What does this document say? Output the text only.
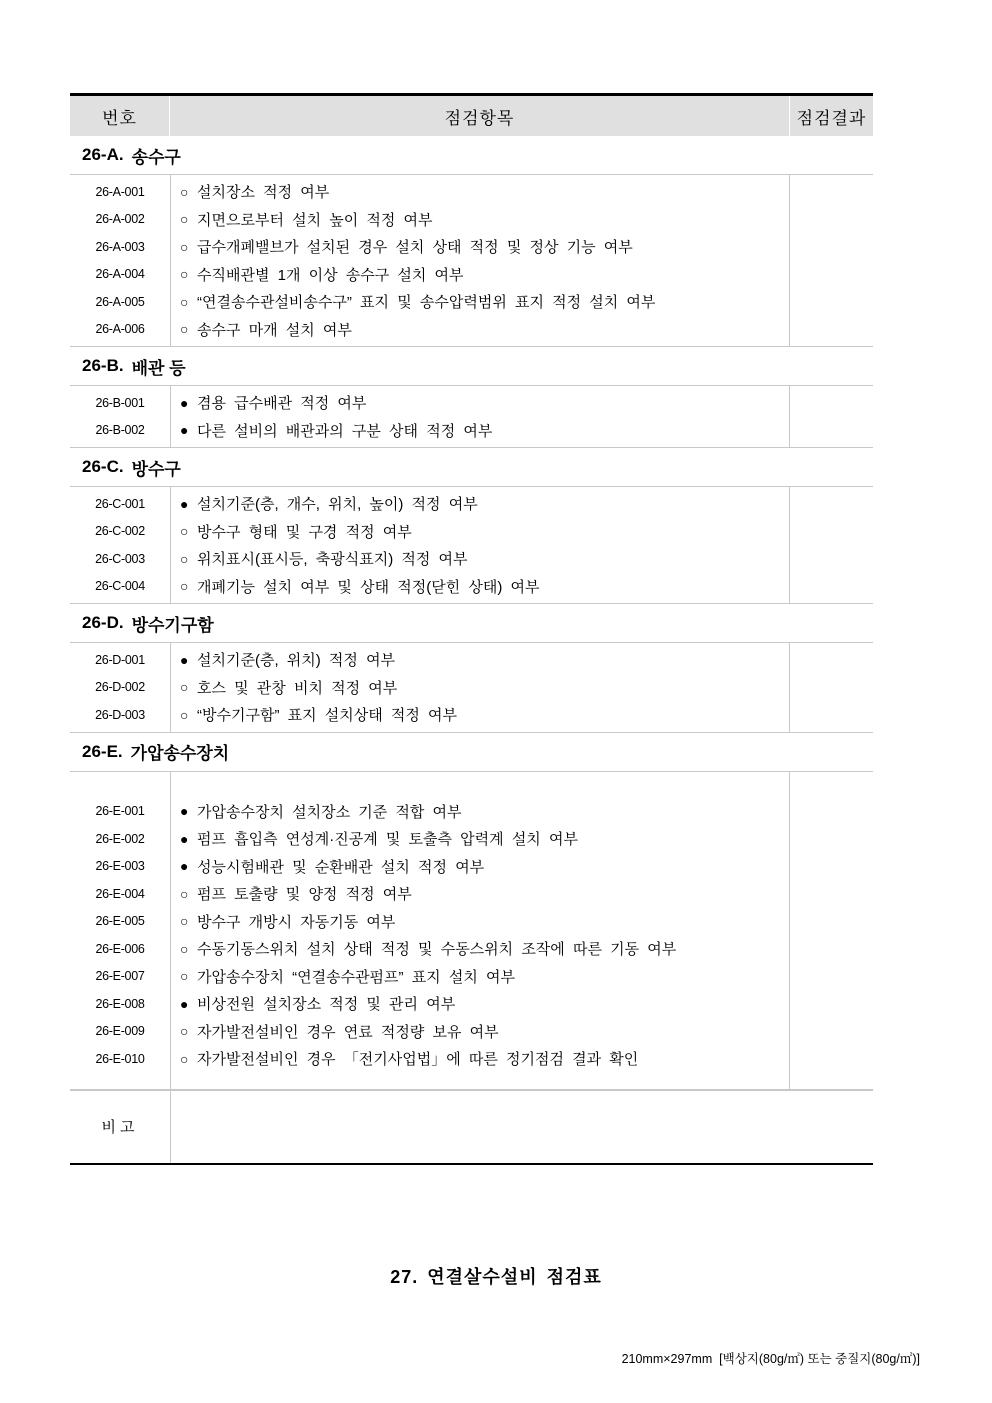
번호	점검항목	점검결과
26-A. 송수구
26-A-001	○ 설치장소 적정 여부
26-A-002	○ 지면으로부터 설치 높이 적정 여부
26-A-003	○ 급수개폐밸브가 설치된 경우 설치 상태 적정 및 정상 기능 여부
26-A-004	○ 수직배관별 1개 이상 송수구 설치 여부
26-A-005	○ “연결송수관설비송수구” 표지 및 송수압력범위 표지 적정 설치 여부
26-A-006	○ 송수구 마개 설치 여부
26-B. 배관 등
26-B-001	● 겸용 급수배관 적정 여부
26-B-002	● 다른 설비의 배관과의 구분 상태 적정 여부
26-C. 방수구
26-C-001	● 설치기준(층, 개수, 위치, 높이) 적정 여부
26-C-002	○ 방수구 형태 및 구경 적정 여부
26-C-003	○ 위치표시(표시등, 축광식표지) 적정 여부
26-C-004	○ 개폐기능 설치 여부 및 상태 적정(닫힌 상태) 여부
26-D. 방수기구함
26-D-001	● 설치기준(층, 위치) 적정 여부
26-D-002	○ 호스 및 관창 비치 적정 여부
26-D-003	○ “방수기구함” 표지 설치상태 적정 여부
26-E. 가압송수장치
26-E-001	● 가압송수장치 설치장소 기준 적합 여부
26-E-002	● 펌프 흡입측 연성계·진공계 및 토출측 압력계 설치 여부
26-E-003	● 성능시험배관 및 순환배관 설치 적정 여부
26-E-004	○ 펌프 토출량 및 양정 적정 여부
26-E-005	○ 방수구 개방시 자동기동 여부
26-E-006	○ 수동기동스위치 설치 상태 적정 및 수동스위치 조작에 따른 기동 여부
26-E-007	○ 가압송수장치 “연결송수관펌프” 표지 설치 여부
26-E-008	● 비상전원 설치장소 적정 및 관리 여부
26-E-009	○ 자가발전설비인 경우 연료 적정량 보유 여부
26-E-010	○ 자가발전설비인 경우 「전기사업법」에 따른 정기점검 결과 확인
비고
27. 연결살수설비 점검표
210mm×297mm  [백상지(80g/㎡) 또는 중질지(80g/㎡)]
